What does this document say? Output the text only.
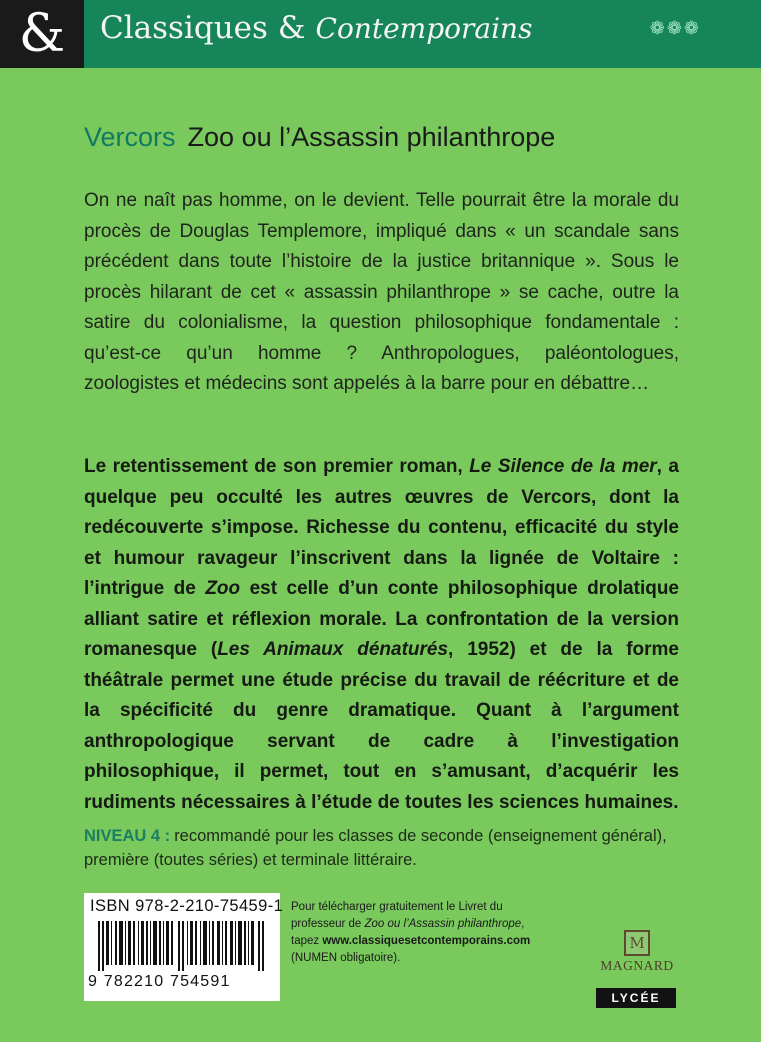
&	Classiques & Contemporains	❁❁❁
Vercors Zoo ou l’Assassin philanthrope
On ne naît pas homme, on le devient. Telle pourrait être la morale du procès de Douglas Templemore, impliqué dans « un scandale sans précédent dans toute l’histoire de la justice britannique ». Sous le procès hilarant de cet « assassin philanthrope » se cache, outre la satire du colonialisme, la question philosophique fondamentale : qu’est-ce qu’un homme ? Anthropologues, paléontologues, zoologistes et médecins sont appelés à la barre pour en débattre…
Le retentissement de son premier roman, Le Silence de la mer, a quelque peu occulté les autres œuvres de Vercors, dont la redécouverte s’impose. Richesse du contenu, efficacité du style et humour ravageur l’inscrivent dans la lignée de Voltaire : l’intrigue de Zoo est celle d’un conte philosophique drolatique alliant satire et réflexion morale. La confrontation de la version romanesque (Les Animaux dénaturés, 1952) et de la forme théâtrale permet une étude précise du travail de réécriture et de la spécificité du genre dramatique. Quant à l’argument anthropologique servant de cadre à l’investigation philosophique, il permet, tout en s’amusant, d’acquérir les rudiments nécessaires à l’étude de toutes les sciences humaines.
NIVEAU 4 : recommandé pour les classes de seconde (enseignement général), première (toutes séries) et terminale littéraire.
ISBN 978-2-210-75459-1
9 782210 754591
Pour télécharger gratuitement le Livret du professeur de Zoo ou l’Assassin philanthrope, tapez www.classiquesetcontemporains.com (NUMEN obligatoire).
M
MAGNARD
LYCÉE
